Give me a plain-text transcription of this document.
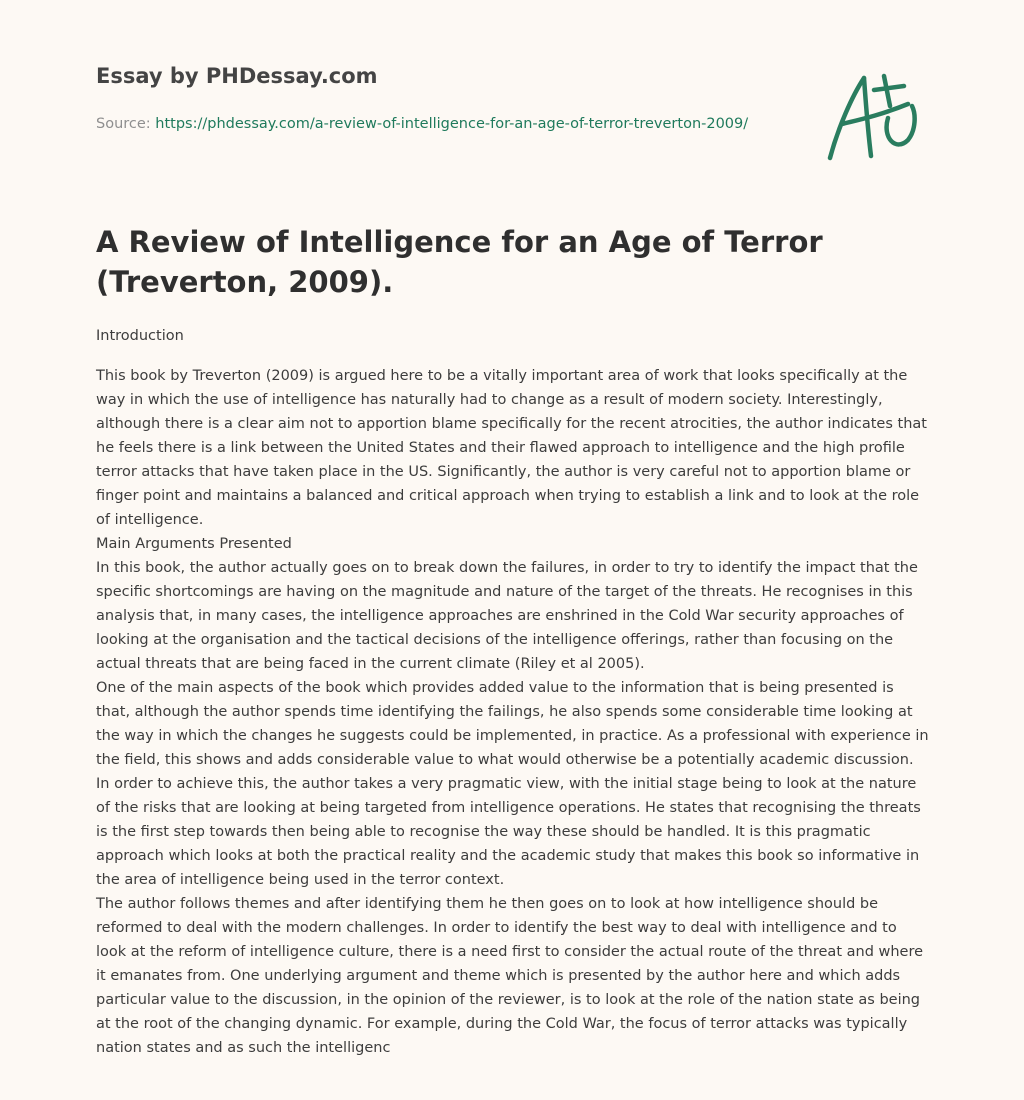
Essay by PHDessay.com
Source: https://phdessay.com/a-review-of-intelligence-for-an-age-of-terror-treverton-2009/
A Review of Intelligence for an Age of Terror (Treverton, 2009).

Introduction

This book by Treverton (2009) is argued here to be a vitally important area of work that looks specifically at the way in which the use of intelligence has naturally had to change as a result of modern society. Interestingly, although there is a clear aim not to apportion blame specifically for the recent atrocities, the author indicates that he feels there is a link between the United States and their flawed approach to intelligence and the high profile terror attacks that have taken place in the US. Significantly, the author is very careful not to apportion blame or finger point and maintains a balanced and critical approach when trying to establish a link and to look at the role of intelligence.

Main Arguments Presented

In this book, the author actually goes on to break down the failures, in order to try to identify the impact that the specific shortcomings are having on the magnitude and nature of the target of the threats. He recognises in this analysis that, in many cases, the intelligence approaches are enshrined in the Cold War security approaches of looking at the organisation and the tactical decisions of the intelligence offerings, rather than focusing on the actual threats that are being faced in the current climate (Riley et al 2005).

One of the main aspects of the book which provides added value to the information that is being presented is that, although the author spends time identifying the failings, he also spends some considerable time looking at the way in which the changes he suggests could be implemented, in practice. As a professional with experience in the field, this shows and adds considerable value to what would otherwise be a potentially academic discussion.

In order to achieve this, the author takes a very pragmatic view, with the initial stage being to look at the nature of the risks that are looking at being targeted from intelligence operations. He states that recognising the threats is the first step towards then being able to recognise the way these should be handled. It is this pragmatic approach which looks at both the practical reality and the academic study that makes this book so informative in the area of intelligence being used in the terror context.

The author follows themes and after identifying them he then goes on to look at how intelligence should be reformed to deal with the modern challenges. In order to identify the best way to deal with intelligence and to look at the reform of intelligence culture, there is a need first to consider the actual route of the threat and where it emanates from. One underlying argument and theme which is presented by the author here and which adds particular value to the discussion, in the opinion of the reviewer, is to look at the role of the nation state as being at the root of the changing dynamic. For example, during the Cold War, the focus of terror attacks was typically nation states and as such the intelligenc
